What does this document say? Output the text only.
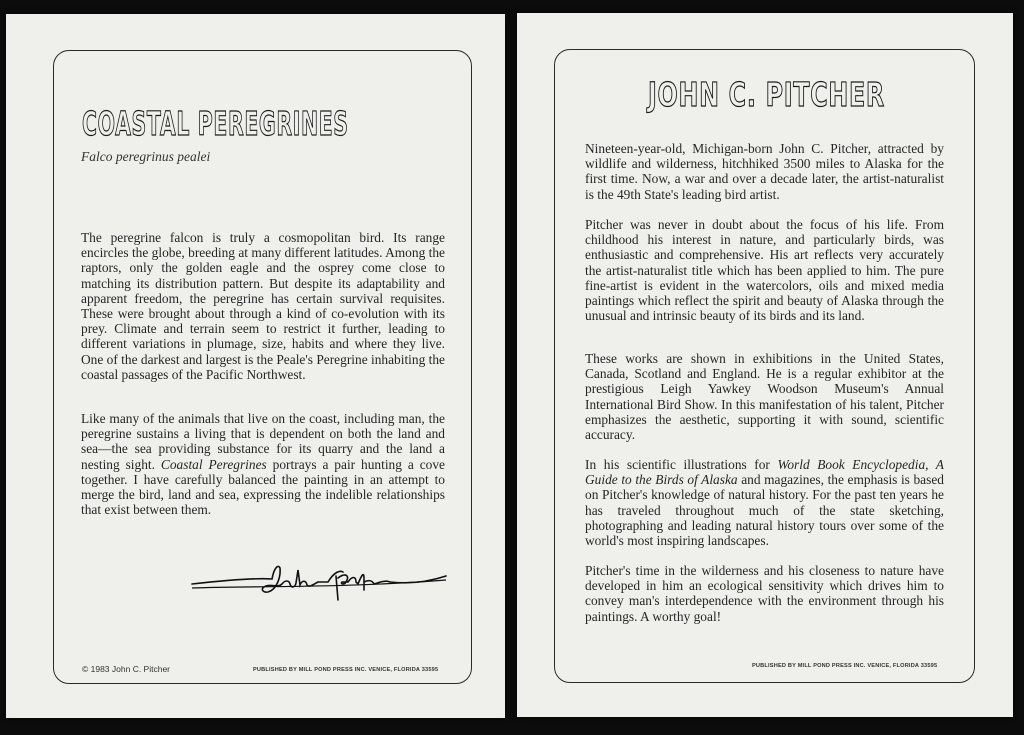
COASTAL PEREGRINES

Falco peregrinus pealei

The peregrine falcon is truly a cosmopolitan bird. Its range encircles the globe, breeding at many different latitudes. Among the raptors, only the golden eagle and the osprey come close to matching its distribution pattern. But despite its adaptability and apparent freedom, the peregrine has certain survival requisites. These were brought about through a kind of co-evolution with its prey. Climate and terrain seem to restrict it further, leading to different variations in plumage, size, habits and where they live. One of the darkest and largest is the Peale's Peregrine inhabiting the coastal passages of the Pacific Northwest.

Like many of the animals that live on the coast, including man, the peregrine sustains a living that is dependent on both the land and sea—the sea providing substance for its quarry and the land a nesting sight. Coastal Peregrines portrays a pair hunting a cove together. I have carefully balanced the painting in an attempt to merge the bird, land and sea, expressing the indelible relationships that exist between them.

© 1983 John C. Pitcher	PUBLISHED BY MILL POND PRESS INC. VENICE, FLORIDA 33595

JOHN C. PITCHER

Nineteen-year-old, Michigan-born John C. Pitcher, attracted by wildlife and wilderness, hitchhiked 3500 miles to Alaska for the first time. Now, a war and over a decade later, the artist-naturalist is the 49th State's leading bird artist.

Pitcher was never in doubt about the focus of his life. From childhood his interest in nature, and particularly birds, was enthusiastic and comprehensive. His art reflects very accurately the artist-naturalist title which has been applied to him. The pure fine-artist is evident in the watercolors, oils and mixed media paintings which reflect the spirit and beauty of Alaska through the unusual and intrinsic beauty of its birds and its land.

These works are shown in exhibitions in the United States, Canada, Scotland and England. He is a regular exhibitor at the prestigious Leigh Yawkey Woodson Museum's Annual International Bird Show. In this manifestation of his talent, Pitcher emphasizes the aesthetic, supporting it with sound, scientific accuracy.

In his scientific illustrations for World Book Encyclopedia, A Guide to the Birds of Alaska and magazines, the emphasis is based on Pitcher's knowledge of natural history. For the past ten years he has traveled throughout much of the state sketching, photographing and leading natural history tours over some of the world's most inspiring landscapes.

Pitcher's time in the wilderness and his closeness to nature have developed in him an ecological sensitivity which drives him to convey man's interdependence with the environment through his paintings. A worthy goal!

PUBLISHED BY MILL POND PRESS INC. VENICE, FLORIDA 33595
